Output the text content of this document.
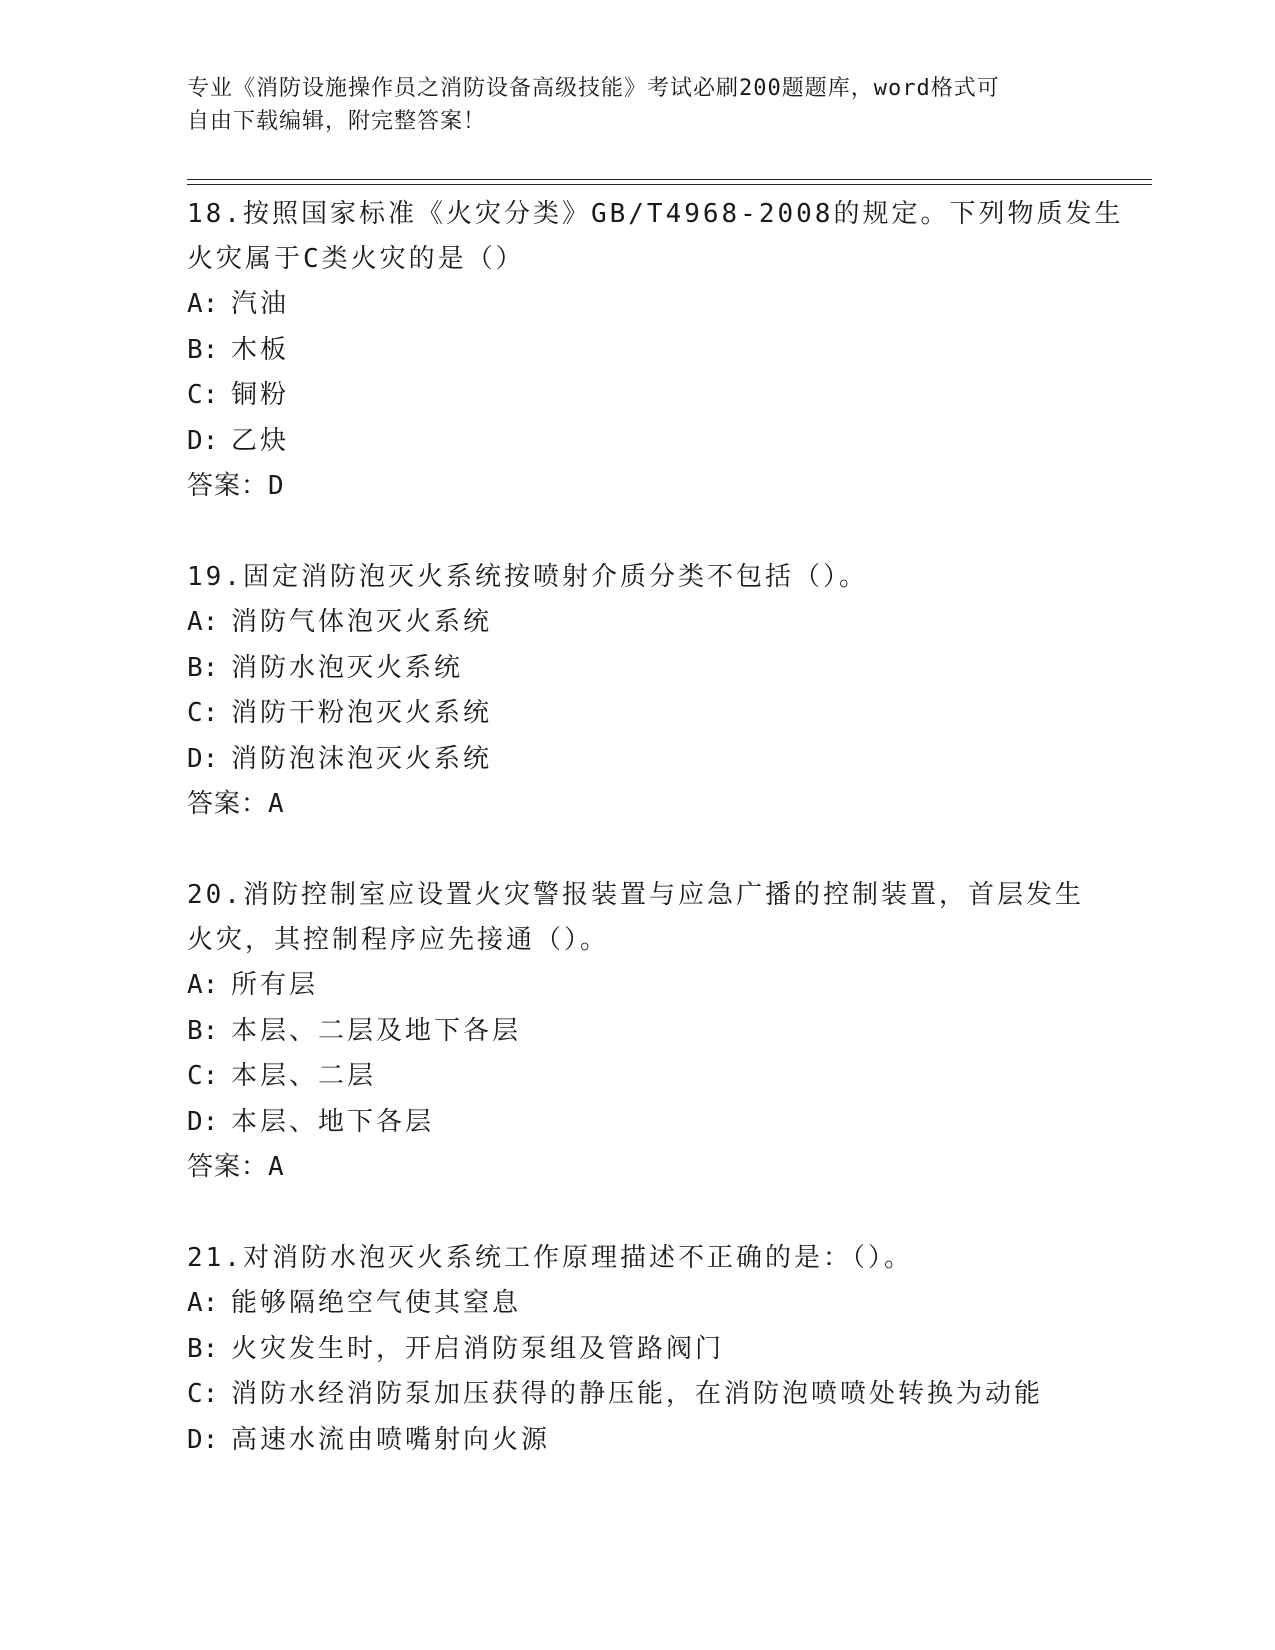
专业《消防设施操作员之消防设备高级技能》考试必刷200题题库，word格式可
自由下载编辑，附完整答案！
18.按照国家标准《火灾分类》GB/T4968-2008的规定。下列物质发生
火灾属于C类火灾的是（）
A: 汽油
B: 木板
C: 铜粉
D: 乙炔
答案：D
19.固定消防泡灭火系统按喷射介质分类不包括（）。
A: 消防气体泡灭火系统
B: 消防水泡灭火系统
C: 消防干粉泡灭火系统
D: 消防泡沫泡灭火系统
答案：A
20.消防控制室应设置火灾警报装置与应急广播的控制装置，首层发生
火灾，其控制程序应先接通（）。
A: 所有层
B: 本层、二层及地下各层
C: 本层、二层
D: 本层、地下各层
答案：A
21.对消防水泡灭火系统工作原理描述不正确的是：（）。
A: 能够隔绝空气使其窒息
B: 火灾发生时，开启消防泵组及管路阀门
C: 消防水经消防泵加压获得的静压能，在消防泡喷喷处转换为动能
D: 高速水流由喷嘴射向火源
